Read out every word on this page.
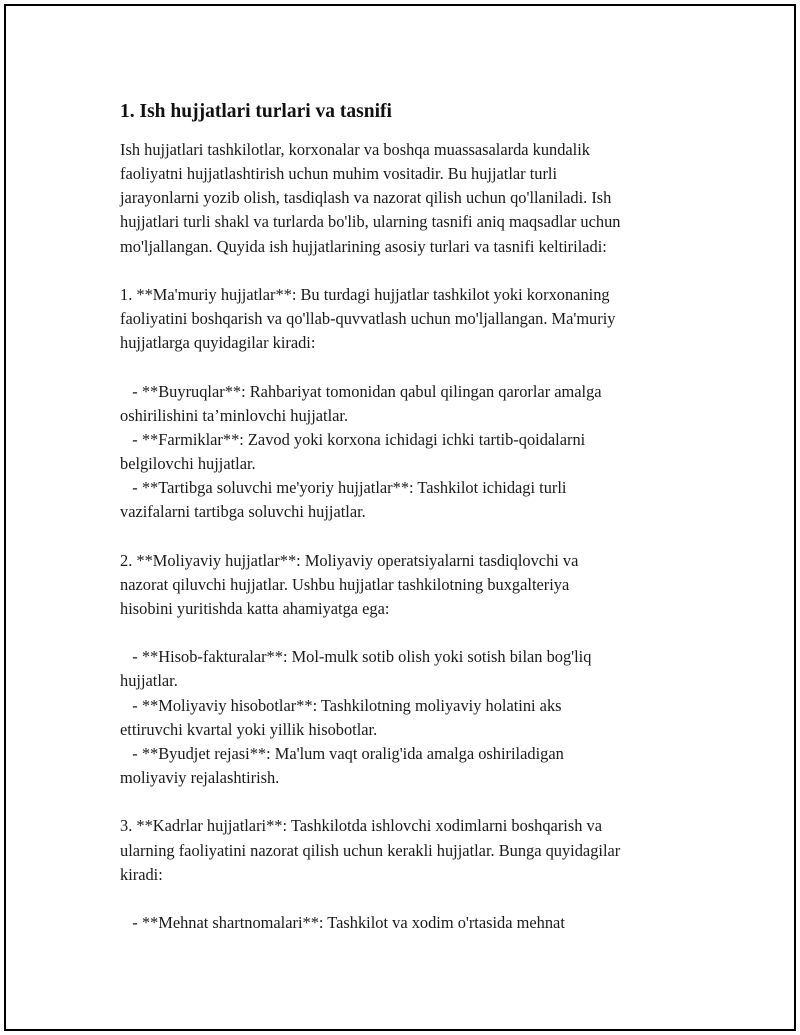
1. Ish hujjatlari turlari va tasnifi

Ish hujjatlari tashkilotlar, korxonalar va boshqa muassasalarda kundalik
faoliyatni hujjatlashtirish uchun muhim vositadir. Bu hujjatlar turli
jarayonlarni yozib olish, tasdiqlash va nazorat qilish uchun qo'llaniladi. Ish
hujjatlari turli shakl va turlarda bo'lib, ularning tasnifi aniq maqsadlar uchun
mo'ljallangan. Quyida ish hujjatlarining asosiy turlari va tasnifi keltiriladi:

1. **Ma'muriy hujjatlar**: Bu turdagi hujjatlar tashkilot yoki korxonaning
faoliyatini boshqarish va qo'llab-quvvatlash uchun mo'ljallangan. Ma'muriy
hujjatlarga quyidagilar kiradi:

- **Buyruqlar**: Rahbariyat tomonidan qabul qilingan qarorlar amalga
oshirilishini ta’minlovchi hujjatlar.
- **Farmiklar**: Zavod yoki korxona ichidagi ichki tartib-qoidalarni
belgilovchi hujjatlar.
- **Tartibga soluvchi me'yoriy hujjatlar**: Tashkilot ichidagi turli
vazifalarni tartibga soluvchi hujjatlar.

2. **Moliyaviy hujjatlar**: Moliyaviy operatsiyalarni tasdiqlovchi va
nazorat qiluvchi hujjatlar. Ushbu hujjatlar tashkilotning buxgalteriya
hisobini yuritishda katta ahamiyatga ega:

- **Hisob-fakturalar**: Mol-mulk sotib olish yoki sotish bilan bog'liq
hujjatlar.
- **Moliyaviy hisobotlar**: Tashkilotning moliyaviy holatini aks
ettiruvchi kvartal yoki yillik hisobotlar.
- **Byudjet rejasi**: Ma'lum vaqt oralig'ida amalga oshiriladigan
moliyaviy rejalashtirish.

3. **Kadrlar hujjatlari**: Tashkilotda ishlovchi xodimlarni boshqarish va
ularning faoliyatini nazorat qilish uchun kerakli hujjatlar. Bunga quyidagilar
kiradi:

- **Mehnat shartnomalari**: Tashkilot va xodim o'rtasida mehnat
